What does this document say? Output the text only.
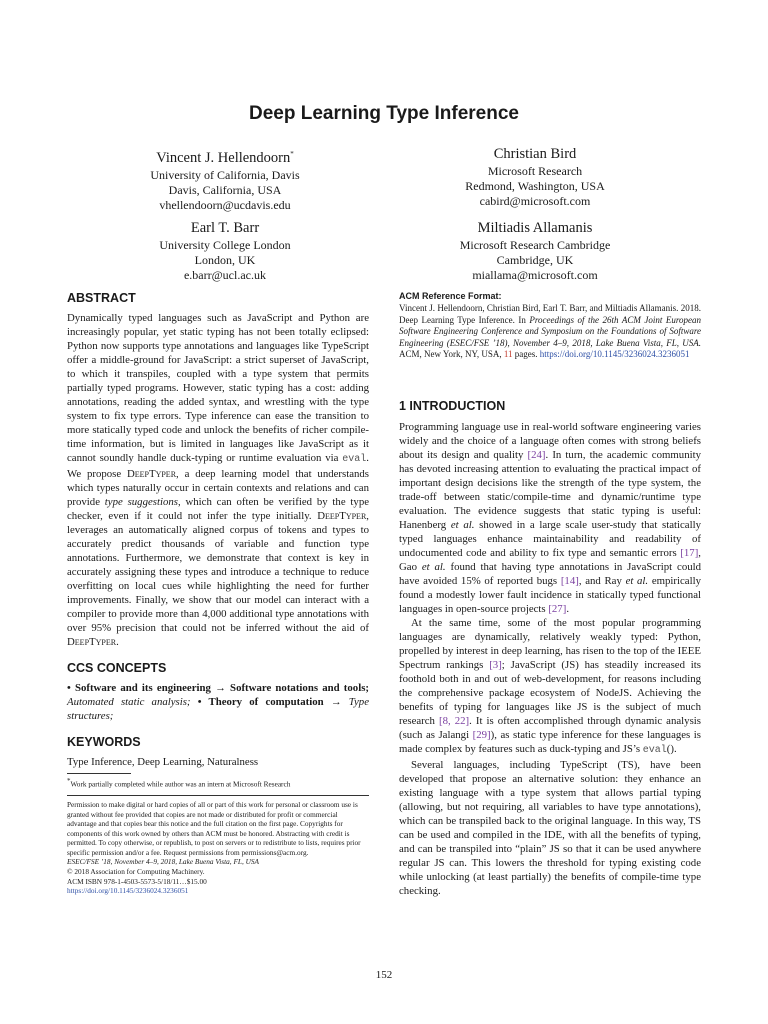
Deep Learning Type Inference
Vincent J. Hellendoorn*
University of California, Davis
Davis, California, USA
vhellendoorn@ucdavis.edu
Christian Bird
Microsoft Research
Redmond, Washington, USA
cabird@microsoft.com
Earl T. Barr
University College London
London, UK
e.barr@ucl.ac.uk
Miltiadis Allamanis
Microsoft Research Cambridge
Cambridge, UK
miallama@microsoft.com
ABSTRACT

Dynamically typed languages such as JavaScript and Python are increasingly popular, yet static typing has not been totally eclipsed: Python now supports type annotations and languages like TypeScript offer a middle-ground for JavaScript: a strict superset of JavaScript, to which it transpiles, coupled with a type system that permits partially typed programs. However, static typing has a cost: adding annotations, reading the added syntax, and wrestling with the type system to fix type errors. Type inference can ease the transition to more statically typed code and unlock the benefits of richer compile-time information, but is limited in languages like JavaScript as it cannot soundly handle duck-typing or runtime evaluation via eval. We propose DeepTyper, a deep learning model that understands which types naturally occur in certain contexts and relations and can provide type suggestions, which can often be verified by the type checker, even if it could not infer the type initially. DeepTyper, leverages an automatically aligned corpus of tokens and types to accurately predict thousands of variable and function type annotations. Furthermore, we demonstrate that context is key in accurately assigning these types and introduce a technique to reduce overfitting on local cues while highlighting the need for further improvements. Finally, we show that our model can interact with a compiler to provide more than 4,000 additional type annotations with over 95% precision that could not be inferred without the aid of DeepTyper.

CCS CONCEPTS

• Software and its engineering → Software notations and tools; Automated static analysis; • Theory of computation → Type structures;

KEYWORDS

Type Inference, Deep Learning, Naturalness

*Work partially completed while author was an intern at Microsoft Research

Permission to make digital or hard copies of all or part of this work for personal or classroom use is granted without fee provided that copies are not made or distributed for profit or commercial advantage and that copies bear this notice and the full citation on the first page. Copyrights for components of this work owned by others than ACM must be honored. Abstracting with credit is permitted. To copy otherwise, or republish, to post on servers or to redistribute to lists, requires prior specific permission and/or a fee. Request permissions from permissions@acm.org.

ESEC/FSE ’18, November 4–9, 2018, Lake Buena Vista, FL, USA

© 2018 Association for Computing Machinery.

ACM ISBN 978-1-4503-5573-5/18/11…$15.00

https://doi.org/10.1145/3236024.3236051

ACM Reference Format:

Vincent J. Hellendoorn, Christian Bird, Earl T. Barr, and Miltiadis Allamanis. 2018. Deep Learning Type Inference. In Proceedings of the 26th ACM Joint European Software Engineering Conference and Symposium on the Foundations of Software Engineering (ESEC/FSE ’18), November 4–9, 2018, Lake Buena Vista, FL, USA. ACM, New York, NY, USA, 11 pages. https://doi.org/10.1145/3236024.3236051

1 INTRODUCTION

Programming language use in real-world software engineering varies widely and the choice of a language often comes with strong beliefs about its design and quality [24]. In turn, the academic community has devoted increasing attention to evaluating the practical impact of important design decisions like the strength of the type system, the trade-off between static/compile-time and dynamic/runtime type evaluation. The evidence suggests that static typing is useful: Hanenberg et al. showed in a large scale user-study that statically typed languages enhance maintainability and readability of undocumented code and ability to fix type and semantic errors [17], Gao et al. found that having type annotations in JavaScript could have avoided 15% of reported bugs [14], and Ray et al. empirically found a modestly lower fault incidence in statically typed functional languages in open-source projects [27].

At the same time, some of the most popular programming languages are dynamically, relatively weakly typed: Python, propelled by interest in deep learning, has risen to the top of the IEEE Spectrum rankings [3]; JavaScript (JS) has steadily increased its foothold both in and out of web-development, for reasons including the comprehensive package ecosystem of NodeJS. Achieving the benefits of typing for languages like JS is the subject of much research [8, 22]. It is often accomplished through dynamic analysis (such as Jalangi [29]), as static type inference for these languages is made complex by features such as duck-typing and JS’s eval().

Several languages, including TypeScript (TS), have been developed that propose an alternative solution: they enhance an existing language with a type system that allows partial typing (allowing, but not requiring, all variables to have type annotations), which can be transpiled back to the original language. In this way, TS can be used and compiled in the IDE, with all the benefits of typing, and can be transpiled into “plain” JS so that it can be used anywhere regular JS can. This lowers the threshold for typing existing code while unlocking (at least partially) the benefits of compile-time type checking.

152
